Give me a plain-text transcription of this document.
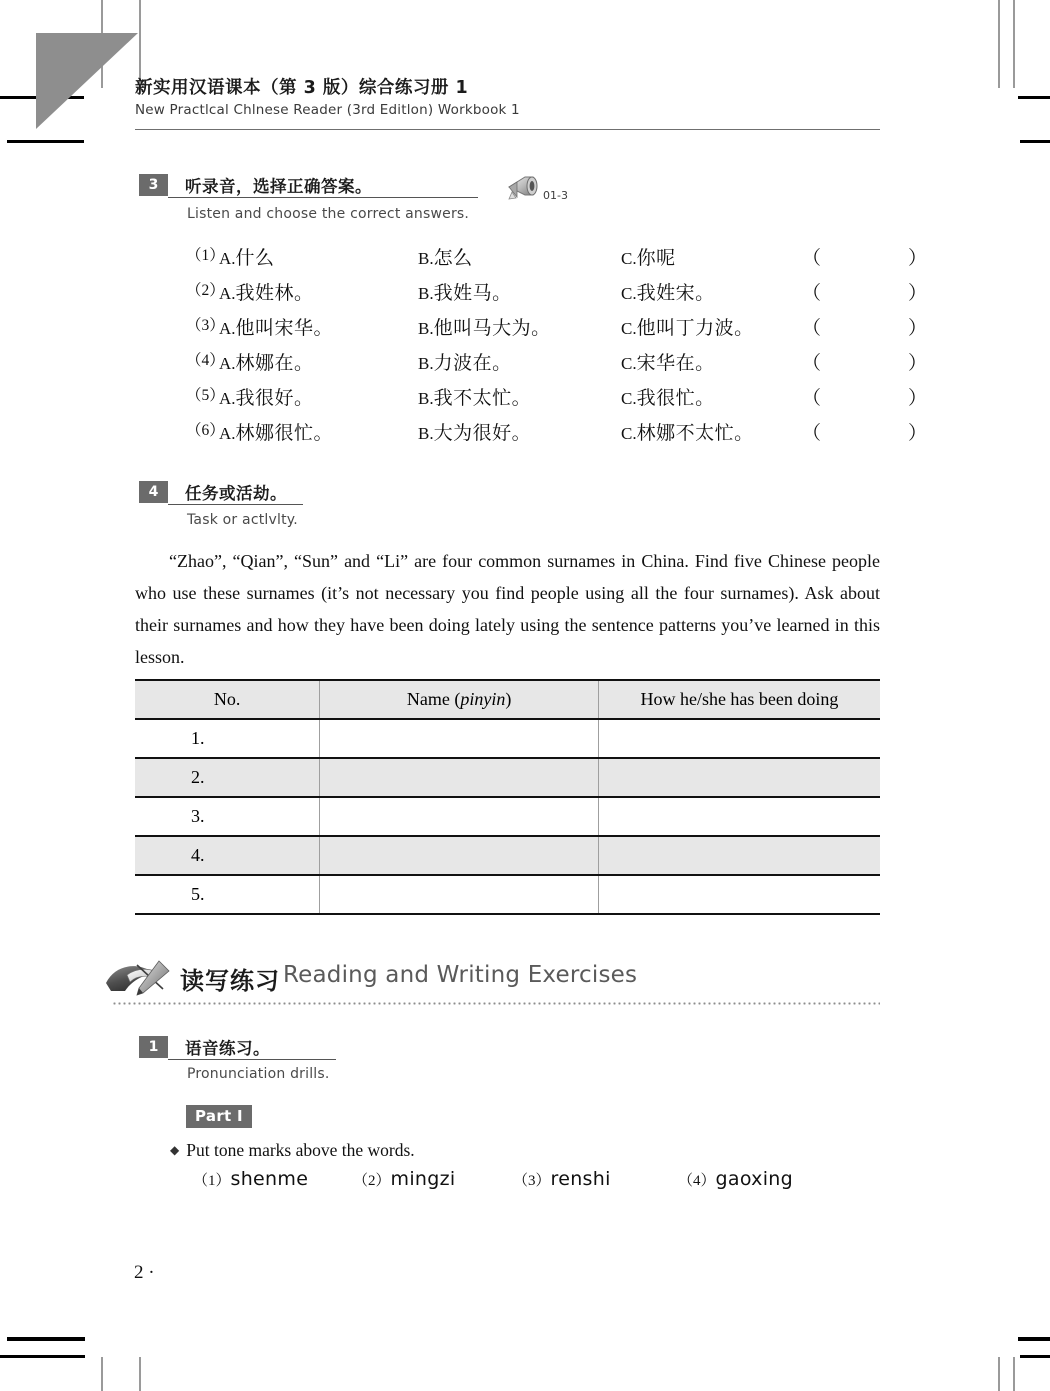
新实用汉语课本（第 3 版）综合练习册 1
New Practlcal Chlnese Reader (3rd Editlon) Workbook 1
3 听录音，选择正确答案。
Listen and choose the correct answers.
01-3
（1）
A.什么	B.怎么	C.你呢	（　）
（2）
A.我姓林。	B.我姓马。	C.我姓宋。	（　）
（3）
A.他叫宋华。	B.他叫马大为。	C.他叫丁力波。	（　）
（4）
A.林娜在。	B.力波在。	C.宋华在。	（　）
（5）
A.我很好。	B.我不太忙。	C.我很忙。	（　）
（6）
A.林娜很忙。	B.大为很好。	C.林娜不太忙。	（　）
4 任务或活劫。
Task or actlvlty.
“Zhao”, “Qian”, “Sun” and “Li” are four common surnames in China. Find five Chinese people who use these surnames (it’s not necessary you find people using all the four surnames). Ask about their surnames and how they have been doing lately using the sentence patterns you’ve learned in this lesson.
No.	Name (pinyin)	How he/she has been doing
1.		
2.		
3.		
4.		
5.		
读写练习 Reading and Writing Exercises
1 语音练习。
Pronunciation drills.
Part I
◆ Put tone marks above the words.
（1）shenme	（2）mingzi	（3）renshi	（4）gaoxing
2 ·
